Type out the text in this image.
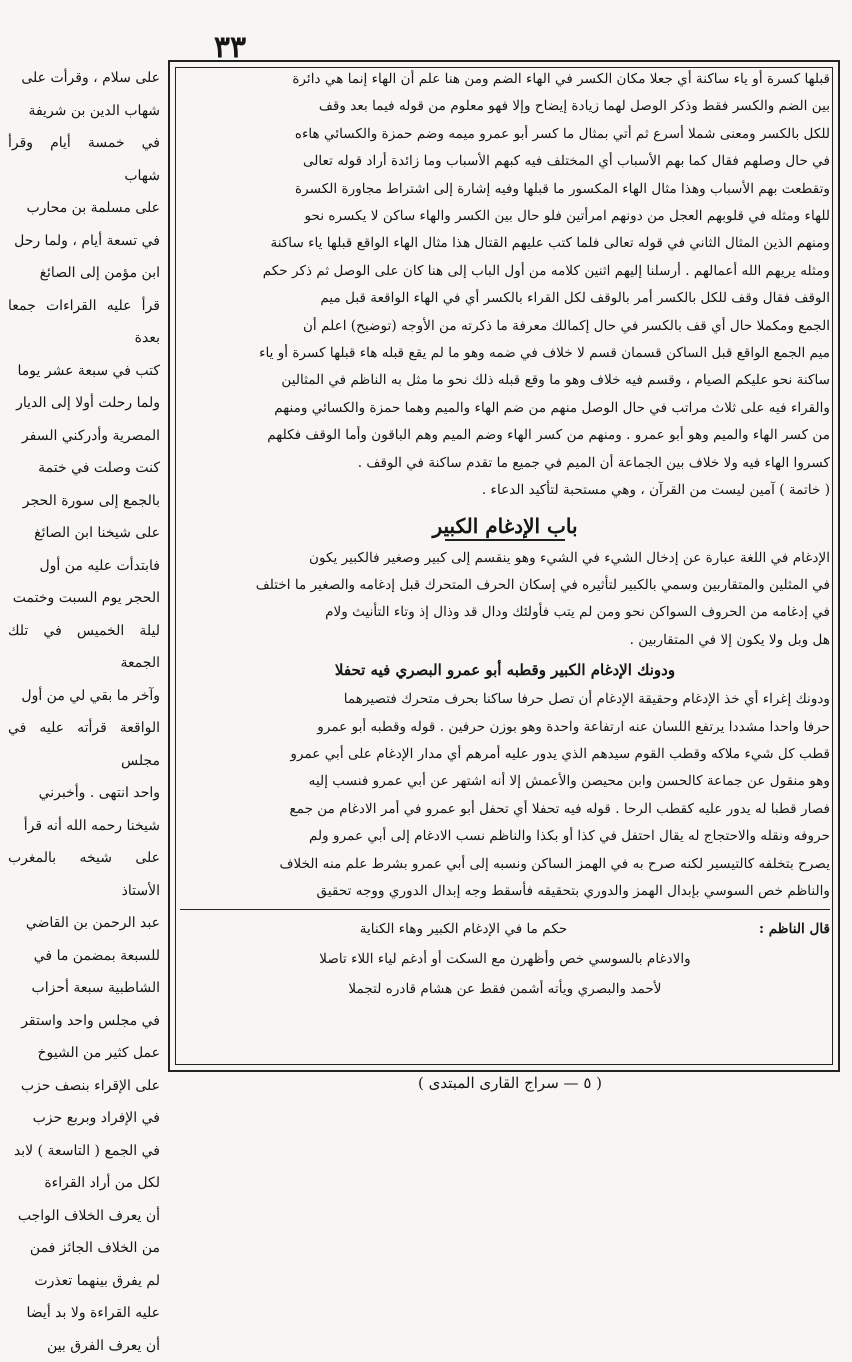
٣٣

قبلها كسرة أو ياء ساكنة أي جعلا مكان الكسر في الهاء الضم ومن هنا علم أن الهاء إنما هي دائرة

بين الضم والكسر فقط وذكر الوصل لهما زيادة إيضاح وإلا فهو معلوم من قوله فيما بعد وقف

للكل بالكسر ومعنى شملا أسرع ثم أتي بمثال ما كسر أبو عمرو ميمه وضم حمزة والكسائي هاءه

في حال وصلهم فقال كما بهم الأسباب أي المختلف فيه كبهم الأسباب وما زائدة أراد قوله تعالى

وتقطعت بهم الأسباب وهذا مثال الهاء المكسور ما قبلها وفيه إشارة إلى اشتراط مجاورة الكسرة

للهاء ومثله في قلوبهم العجل من دونهم امرأتين فلو حال بين الكسر والهاء ساكن لا يكسره نحو

ومنهم الذين المثال الثاني في قوله تعالى فلما كتب عليهم القتال هذا مثال الهاء الواقع قبلها ياء ساكنة

ومثله يريهم الله أعمالهم . أرسلنا إليهم اثنين كلامه من أول الباب إلى هنا كان على الوصل ثم ذكر حكم

الوقف فقال وقف للكل بالكسر أمر بالوقف لكل القراء بالكسر أي في الهاء الواقعة قبل ميم

الجمع ومكملا حال أي قف بالكسر في حال إكمالك معرفة ما ذكرته من الأوجه (توضيح) اعلم أن

ميم الجمع الواقع قبل الساكن قسمان قسم لا خلاف في ضمه وهو ما لم يقع قبله هاء قبلها كسرة أو ياء

ساكنة نحو عليكم الصيام ، وقسم فيه خلاف وهو ما وقع قبله ذلك نحو ما مثل به الناظم في المثالين

والقراء فيه على ثلاث مراتب في حال الوصل منهم من ضم الهاء والميم وهما حمزة والكسائي ومنهم

من كسر الهاء والميم وهو أبو عمرو . ومنهم من كسر الهاء وضم الميم وهم الباقون وأما الوقف فكلهم

كسروا الهاء فيه ولا خلاف بين الجماعة أن الميم في جميع ما تقدم ساكنة في الوقف .

( خاتمة ) آمين ليست من القرآن ، وهي مستحبة لتأكيد الدعاء .

باب الإدغام الكبير

الإدغام في اللغة عبارة عن إدخال الشيء في الشيء وهو ينقسم إلى كبير وصغير فالكبير يكون

في المثلين والمتقاربين وسمي بالكبير لتأثيره في إسكان الحرف المتحرك قبل إدغامه والصغير ما اختلف

في إدغامه من الحروف السواكن نحو ومن لم يتب فأولئك ودال قد وذال إذ وتاء التأنيث ولام

هل وبل ولا يكون إلا في المتقاربين .

ودونك الإدغام الكبير وقطبه أبو عمرو البصري فيه تحفلا

ودونك إغراء أي خذ الإدغام وحقيقة الإدغام أن تصل حرفا ساكنا بحرف متحرك فتصيرهما

حرفا واحدا مشددا يرتفع اللسان عنه ارتفاعة واحدة وهو بوزن حرفين . قوله وقطبه أبو عمرو

قطب كل شيء ملاكه وقطب القوم سيدهم الذي يدور عليه أمرهم أي مدار الإدغام على أبي عمرو

وهو منقول عن جماعة كالحسن وابن محيصن والأعمش إلا أنه اشتهر عن أبي عمرو فنسب إليه

فصار قطبا له يدور عليه كقطب الرحا . قوله فيه تحفلا أي تحفل أبو عمرو في أمر الادغام من جمع

حروفه ونقله والاحتجاج له يقال احتفل في كذا أو بكذا والناظم نسب الادغام إلى أبي عمرو ولم

يصرح بتخلفه كالتيسير لكنه صرح به في الهمز الساكن ونسبه إلى أبي عمرو بشرط علم منه الخلاف

والناظم خص السوسي بإبدال الهمز والدوري بتحقيقه فأسقط وجه إبدال الدوري ووجه تحقيق

قال الناظم :

حكم ما في الإدغام الكبير وهاء الكناية

والادغام بالسوسي خص وأظهرن مع السكت أو أدغم لياء اللاء تاصلا

لأحمد والبصري ويأته أشمن فقط عن هشام قادره لتجملا

على سلام ، وقرأت على

شهاب الدين بن شريفة

في خمسة أيام وقرأ شهاب

على مسلمة بن محارب

في تسعة أيام ، ولما رحل

ابن مؤمن إلى الصائغ

قرأ عليه القراءات جمعا بعدة

كتب في سبعة عشر يوما

ولما رحلت أولا إلى الديار

المصرية وأدركني السفر

كنت وصلت في ختمة

بالجمع إلى سورة الحجر

على شيخنا ابن الصائغ

فابتدأت عليه من أول

الحجر يوم السبت وختمت

ليلة الخميس في تلك الجمعة

وآخر ما بقي لي من أول

الواقعة قرأته عليه في مجلس

واحد انتهى . وأخبرني

شيخنا رحمه الله أنه قرأ

على شيخه بالمغرب الأستاذ

عبد الرحمن بن القاضي

للسبعة بمضمن ما في

الشاطبية سبعة أحزاب

في مجلس واحد واستقر

عمل كثير من الشيوخ

على الإقراء بنصف حزب

في الإفراد وبربع حزب

في الجمع ( التاسعة ) لابد

لكل من أراد القراءة

أن يعرف الخلاف الواجب

من الخلاف الجائز فمن

لم يفرق بينهما تعذرت

عليه القراءة ولا بد أيضا

أن يعرف الفرق بين

( ٥ — سراج القارى المبتدى )
